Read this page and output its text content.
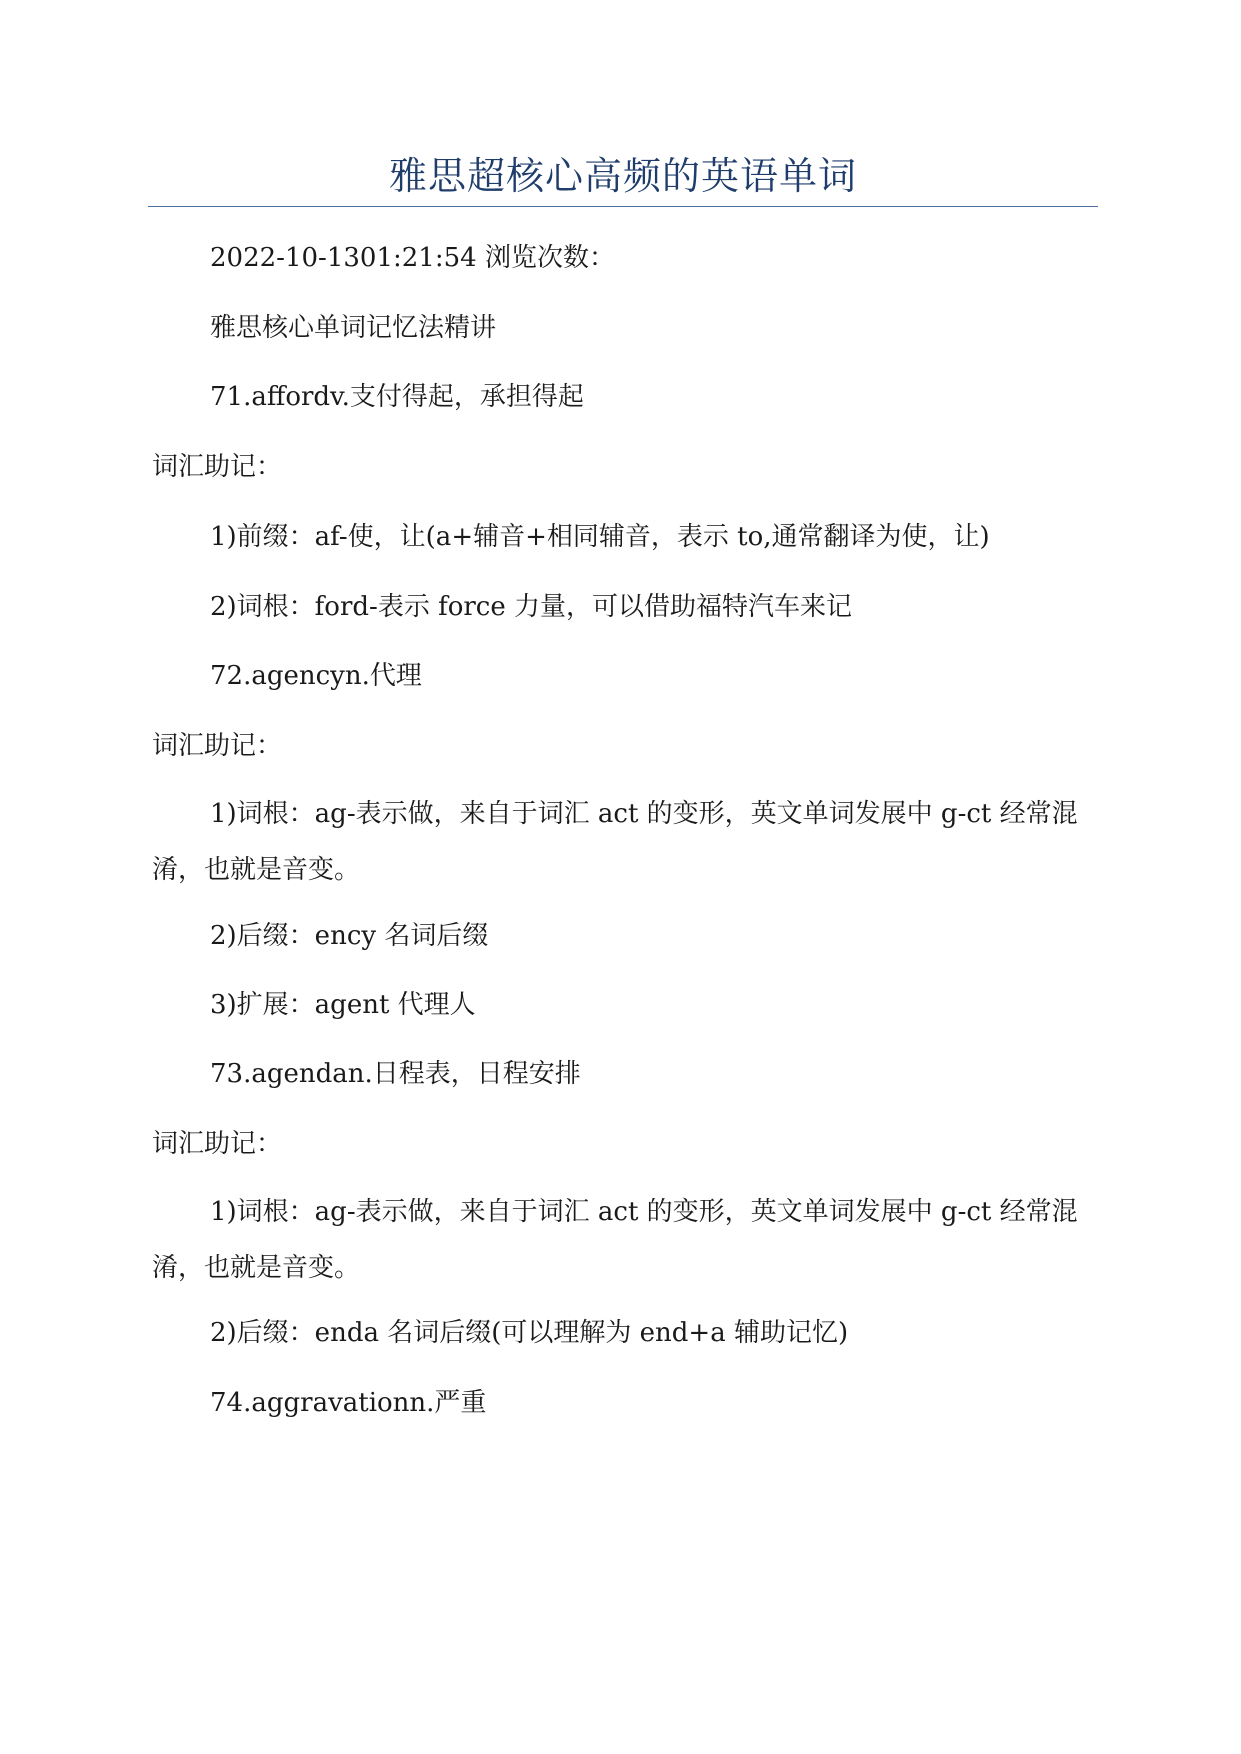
雅思超核心高频的英语单词
2022-10-1301:21:54 浏览次数：
雅思核心单词记忆法精讲
71.affordv.支付得起，承担得起
词汇助记：
1)前缀：af-使，让(a+辅音+相同辅音，表示 to,通常翻译为使，让)
2)词根：ford-表示 force 力量，可以借助福特汽车来记
72.agencyn.代理
词汇助记：
1)词根：ag-表示做，来自于词汇 act 的变形，英文单词发展中 g-ct 经常混淆，也就是音变。
2)后缀：ency 名词后缀
3)扩展：agent 代理人
73.agendan.日程表，日程安排
词汇助记：
1)词根：ag-表示做，来自于词汇 act 的变形，英文单词发展中 g-ct 经常混淆，也就是音变。
2)后缀：enda 名词后缀(可以理解为 end+a 辅助记忆)
74.aggravationn.严重
